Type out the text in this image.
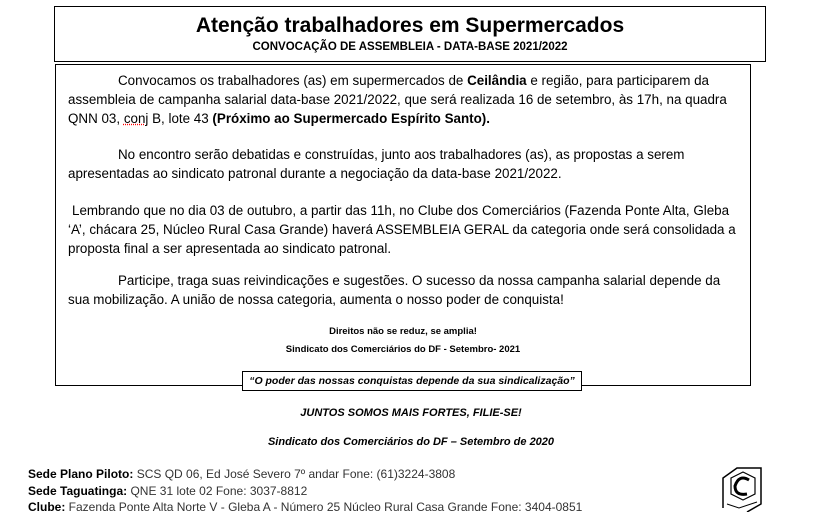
Atenção trabalhadores em Supermercados
CONVOCAÇÃO DE ASSEMBLEIA - DATA-BASE 2021/2022
Convocamos os trabalhadores (as) em supermercados de Ceilândia e região, para participarem da assembleia de campanha salarial data-base 2021/2022, que será realizada 16 de setembro, às 17h, na quadra QNN 03, conj B, lote 43 (Próximo ao Supermercado Espírito Santo).
No encontro serão debatidas e construídas, junto aos trabalhadores (as), as propostas a serem apresentadas ao sindicato patronal durante a negociação da data-base 2021/2022.
Lembrando que no dia 03 de outubro, a partir das 11h, no Clube dos Comerciários (Fazenda Ponte Alta, Gleba ‘A’, chácara 25, Núcleo Rural Casa Grande) haverá ASSEMBLEIA GERAL da categoria onde será consolidada a proposta final a ser apresentada ao sindicato patronal.
Participe, traga suas reivindicações e sugestões. O sucesso da nossa campanha salarial depende da sua mobilização. A união de nossa categoria, aumenta o nosso poder de conquista!
Direitos não se reduz, se amplia!
Sindicato dos Comerciários do DF - Setembro- 2021
“O poder das nossas conquistas depende da sua sindicalização”
JUNTOS SOMOS MAIS FORTES, FILIE-SE!
Sindicato dos Comerciários do DF – Setembro de 2020
Sede Plano Piloto: SCS QD 06, Ed José Severo 7º andar Fone: (61)3224-3808
Sede Taguatinga: QNE 31 lote 02 Fone: 3037-8812
Clube: Fazenda Ponte Alta Norte V - Gleba A - Número 25 Núcleo Rural Casa Grande Fone: 3404-0851
